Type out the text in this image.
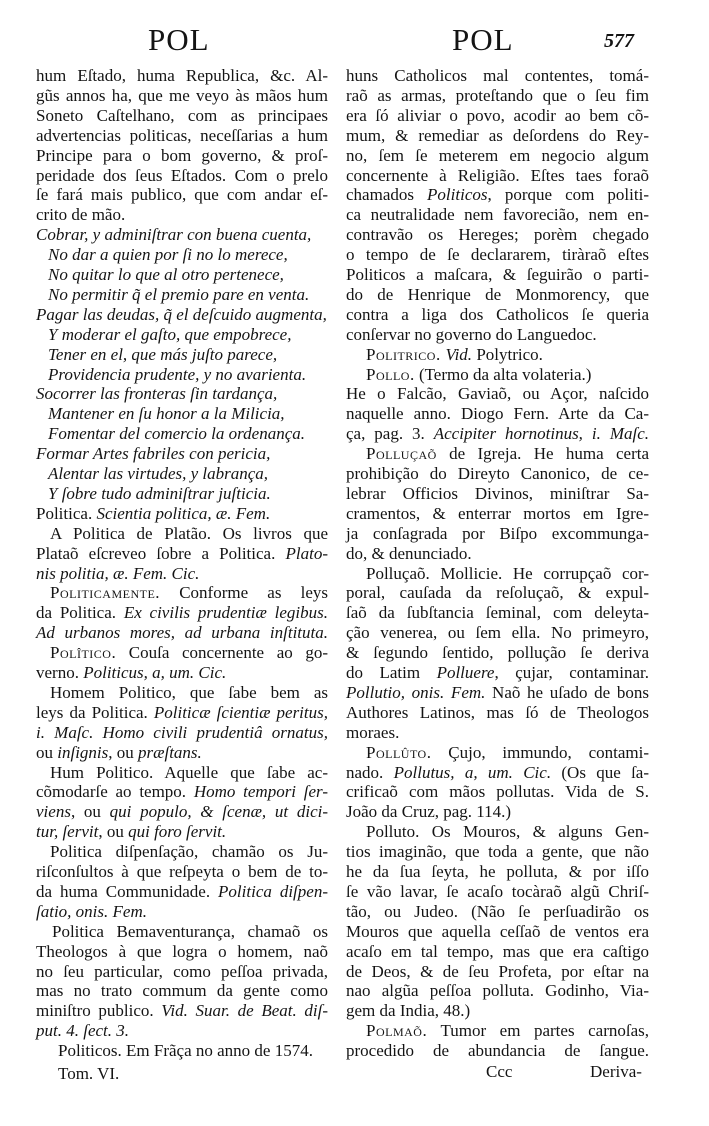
POL	POL	577
hum Eſtado, huma Republica, &c. Al-
gũs annos ha, que me veyo às mãos hum
Soneto Caſtelhano, com as principaes
advertencias politicas, neceſſarias a hum
Principe para o bom governo, & proſ-
peridade dos ſeus Eſtados. Com o prelo
ſe fará mais publico, que com andar eſ-
crito de mão.
Cobrar, y adminiſtrar con buena cuenta,
No dar a quien por ſi no lo merece,
No quitar lo que al otro pertenece,
No permitir q̃ el premio pare en venta.
Pagar las deudas, q̃ el deſcuido augmenta,
Y moderar el gaſto, que empobrece,
Tener en el, que más juſto parece,
Providencia prudente, y no avarienta.
Socorrer las fronteras ſin tardança,
Mantener en ſu honor a la Milicia,
Fomentar del comercio la ordenança.
Formar Artes fabriles con pericia,
Alentar las virtudes, y labrança,
Y ſobre tudo adminiſtrar juſticia.
Politica. Scientia politica, æ. Fem.
A Politica de Platão. Os livros que
Plataõ eſcreveo ſobre a Politica. Plato-
nis politia, æ. Fem. Cic.
Politicamente. Conforme as leys
da Politica. Ex civilis prudentiæ legibus.
Ad urbanos mores, ad urbana inſtituta.
Polîtico. Couſa concernente ao go-
verno. Politicus, a, um. Cic.
Homem Politico, que ſabe bem as
leys da Politica. Politicæ ſcientiæ peritus,
i. Maſc. Homo civili prudentiâ ornatus,
ou inſignis, ou præſtans.
Hum Politico. Aquelle que ſabe ac-
cõmodarſe ao tempo. Homo tempori ſer-
viens, ou qui populo, & ſcenæ, ut dici-
tur, ſervit, ou qui foro ſervit.
Politica diſpenſação, chamão os Ju-
riſconſultos à que reſpeyta o bem de to-
da huma Communidade. Politica diſpen-
ſatio, onis. Fem.
Politica Bemaventurança, chamaõ os
Theologos à que logra o homem, naõ
no ſeu particular, como peſſoa privada,
mas no trato commum da gente como
miniſtro publico. Vid. Suar. de Beat. diſ-
put. 4. ſect. 3.
Politicos. Em Frãça no anno de 1574.
huns Catholicos mal contentes, tomá-
raõ as armas, proteſtando que o ſeu fim
era ſó aliviar o povo, acodir ao bem cõ-
mum, & remediar as deſordens do Rey-
no, ſem ſe meterem em negocio algum
concernente à Religião. Eſtes taes foraõ
chamados Politicos, porque com politi-
ca neutralidade nem favorecião, nem en-
contravão os Hereges; porèm chegado
o tempo de ſe declararem, tiràraõ eſtes
Politicos a maſcara, & ſeguirão o parti-
do de Henrique de Monmorency, que
contra a liga dos Catholicos ſe queria
conſervar no governo do Languedoc.
Politrico. Vid. Polytrico.
Pollo. (Termo da alta volateria.)
He o Falcão, Gaviaõ, ou Açor, naſcido
naquelle anno. Diogo Fern. Arte da Ca-
ça, pag. 3. Accipiter hornotinus, i. Maſc.
Polluçaõ de Igreja. He huma certa
prohibição do Direyto Canonico, de ce-
lebrar Officios Divinos, miniſtrar Sa-
cramentos, & enterrar mortos em Igre-
ja conſagrada por Biſpo excommunga-
do, & denunciado.
Polluçaõ. Mollicie. He corrupçaõ cor-
poral, cauſada da reſoluçaõ, & expul-
ſaõ da ſubſtancia ſeminal, com deleyta-
ção venerea, ou ſem ella. No primeyro,
& ſegundo ſentido, pollução ſe deriva
do Latim Polluere, çujar, contaminar.
Pollutio, onis. Fem. Naõ he uſado de bons
Authores Latinos, mas ſó de Theologos
moraes.
Pollûto. Çujo, immundo, contami-
nado. Pollutus, a, um. Cic. (Os que ſa-
crificaõ com mãos pollutas. Vida de S.
João da Cruz, pag. 114.)
Polluto. Os Mouros, & alguns Gen-
tios imaginão, que toda a gente, que não
he da ſua ſeyta, he polluta, & por iſſo
ſe vão lavar, ſe acaſo tocàraõ algũ Chriſ-
tão, ou Judeo. (Não ſe perſuadirão os
Mouros que aquella ceſſaõ de ventos era
acaſo em tal tempo, mas que era caſtigo
de Deos, & de ſeu Profeta, por eſtar na
nao algũa peſſoa polluta. Godinho, Via-
gem da India, 48.)
Polmaõ. Tumor em partes carnoſas,
procedido de abundancia de ſangue.
Tom. VI.	Ccc	Deriva-
